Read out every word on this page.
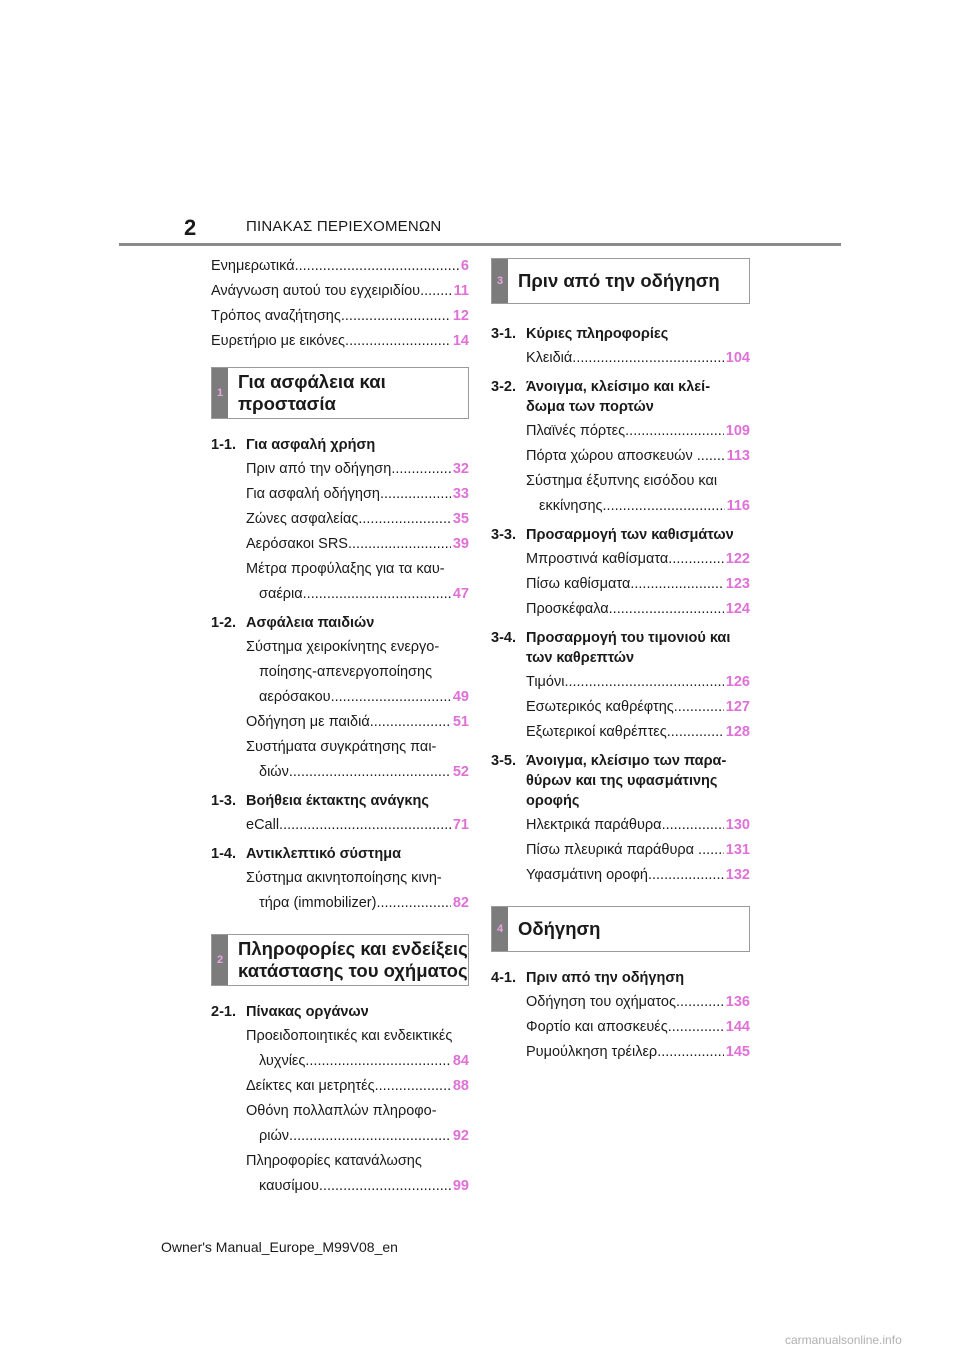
2	ΠΙΝΑΚΑΣ ΠΕΡΙΕΧΟΜΕΝΩΝ
Ενημερωτικά .....	6
Ανάγνωση αυτού του εγχειριδίου... ..... 11
Τρόπος αναζήτησης .....	12
Ευρετήριο με εικόνες .....	14
1
Για ασφάλεια και
προστασία
1-1. Για ασφαλή χρήση
Πριν από την οδήγηση .....	32
Για ασφαλή οδήγηση .....	33
Ζώνες ασφαλείας .....	35
Αερόσακοι SRS .....	39
Μέτρα προφύλαξης για τα καυ-
σαέρια .....	47
1-2. Ασφάλεια παιδιών
Σύστημα χειροκίνητης ενεργο-
ποίησης-απενεργοποίησης
αερόσακου .....	49
Οδήγηση με παιδιά .....	51
Συστήματα συγκράτησης παι-
διών .....	52
1-3. Βοήθεια έκτακτης ανάγκης
eCall .....	71
1-4. Αντικλεπτικό σύστημα
Σύστημα ακινητοποίησης κινη-
τήρα (immobilizer) .....	82
2
Πληροφορίες και ενδείξεις
κατάστασης του οχήματος
2-1. Πίνακας οργάνων
Προειδοποιητικές και ενδεικτικές
λυχνίες .....	84
Δείκτες και μετρητές .....	88
Οθόνη πολλαπλών πληροφο-
ριών .....	92
Πληροφορίες κατανάλωσης
καυσίμου .....	99
3 Πριν από την οδήγηση
3-1. Κύριες πληροφορίες
Κλειδιά .....	104
3-2. Άνοιγμα, κλείσιμο και κλεί-
δωμα των πορτών
Πλαϊνές πόρτες .....	109
Πόρτα χώρου αποσκευών .. ..... 113
Σύστημα έξυπνης εισόδου και
εκκίνησης .....	116
3-3. Προσαρμογή των καθισμάτων
Μπροστινά καθίσματα .....	122
Πίσω καθίσματα .....	123
Προσκέφαλα .....	124
3-4. Προσαρμογή του τιμονιού και
των καθρεπτών
Τιμόνι .....	126
Εσωτερικός καθρέφτης .....	127
Εξωτερικοί καθρέπτες .....	128
3-5. Άνοιγμα, κλείσιμο των παρα-
θύρων και της υφασμάτινης
οροφής
Ηλεκτρικά παράθυρα .....	130
Πίσω πλευρικά παράθυρα .. ..... 131
Υφασμάτινη οροφή .....	132
4 Οδήγηση
4-1. Πριν από την οδήγηση
Οδήγηση του οχήματος .....	136
Φορτίο και αποσκευές .....	144
Ρυμούλκηση τρέιλερ .....	145
Owner's Manual_Europe_M99V08_en
carmanualsonline.info
